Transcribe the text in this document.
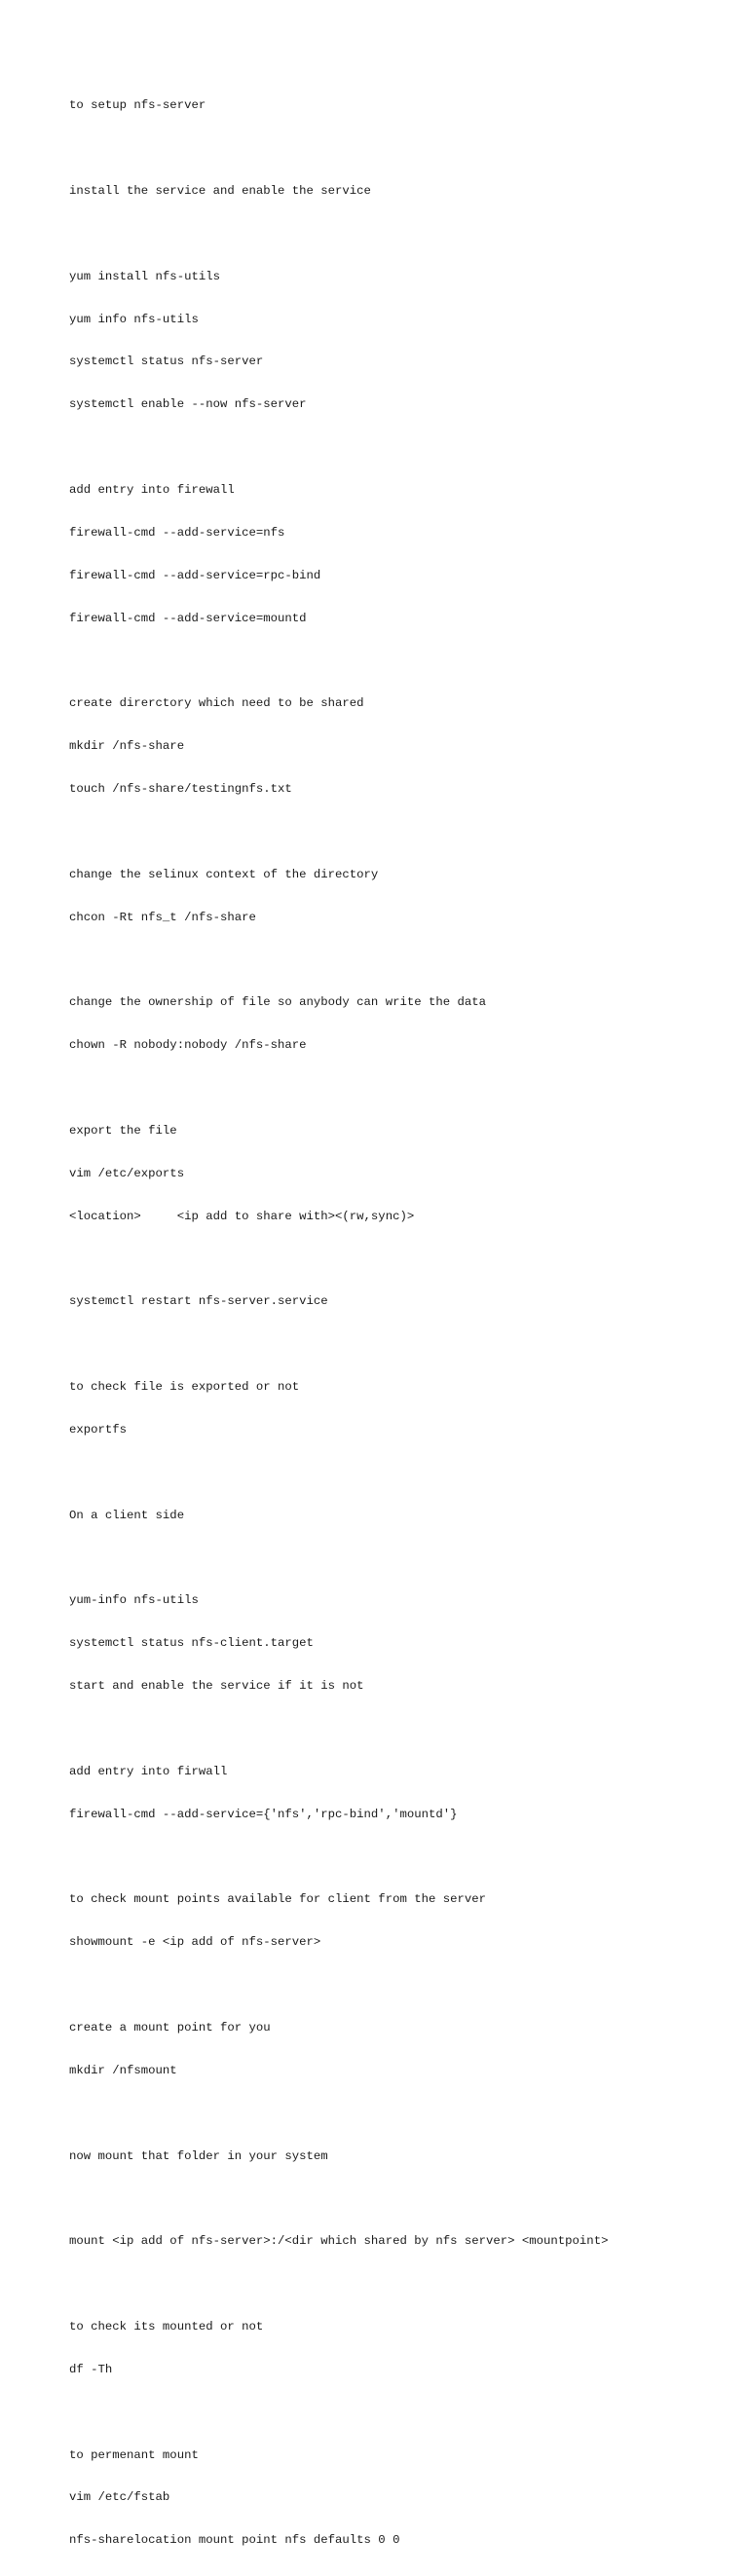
to setup nfs-server

install the service and enable the service

yum install nfs-utils

yum info nfs-utils

systemctl status nfs-server

systemctl enable --now nfs-server

add entry into firewall

firewall-cmd --add-service=nfs

firewall-cmd --add-service=rpc-bind

firewall-cmd --add-service=mountd

create direrctory which need to be shared

mkdir /nfs-share

touch /nfs-share/testingnfs.txt

change the selinux context of the directory

chcon -Rt nfs_t /nfs-share

change the ownership of file so anybody can write the data

chown -R nobody:nobody /nfs-share

export the file

vim /etc/exports

<location>     <ip add to share with><(rw,sync)>

systemctl restart nfs-server.service

to check file is exported or not

exportfs

On a client side

yum-info nfs-utils

systemctl status nfs-client.target

start and enable the service if it is not

add entry into firwall

firewall-cmd --add-service={'nfs','rpc-bind','mountd'}

to check mount points available for client from the server

showmount -e <ip add of nfs-server>

create a mount point for you

mkdir /nfsmount

now mount that folder in your system

mount <ip add of nfs-server>:/<dir which shared by nfs server> <mountpoint>

to check its mounted or not

df -Th

to permenant mount

vim /etc/fstab

nfs-sharelocation mount point nfs defaults 0 0
